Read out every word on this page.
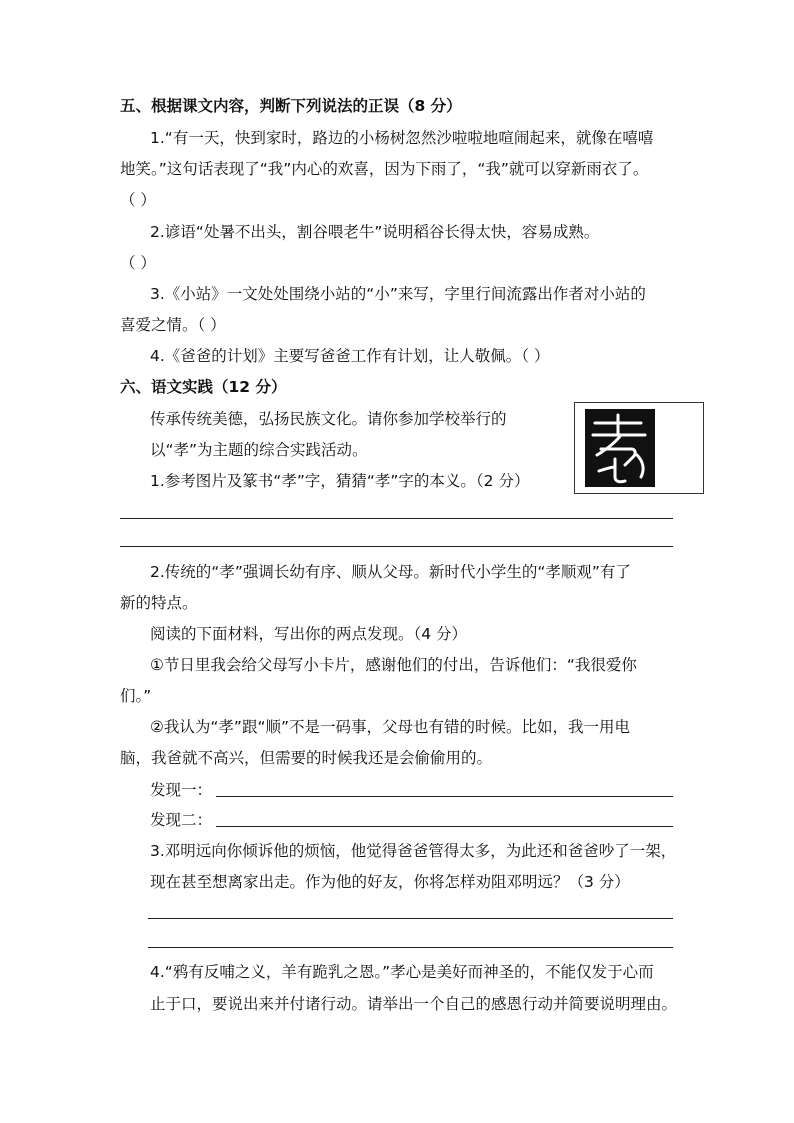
五、根据课文内容，判断下列说法的正误（8 分）
1.“有一天，快到家时，路边的小杨树忽然沙啦啦地喧闹起来，就像在嘻嘻
地笑。”这句话表现了“我”内心的欢喜，因为下雨了，“我”就可以穿新雨衣了。
（ ）
2.谚语“处暑不出头，割谷喂老牛”说明稻谷长得太快，容易成熟。
（ ）
3.《小站》一文处处围绕小站的“小”来写，字里行间流露出作者对小站的
喜爱之情。（ ）
4.《爸爸的计划》主要写爸爸工作有计划，让人敬佩。（ ）
六、语文实践（12 分）
传承传统美德，弘扬民族文化。请你参加学校举行的
以“孝”为主题的综合实践活动。
1.参考图片及篆书“孝”字，猜猜“孝”字的本义。（2 分）
2.传统的“孝”强调长幼有序、顺从父母。新时代小学生的“孝顺观”有了
新的特点。
阅读的下面材料，写出你的两点发现。（4 分）
①节日里我会给父母写小卡片，感谢他们的付出，告诉他们：“我很爱你
们。”
②我认为“孝”跟“顺”不是一码事，父母也有错的时候。比如，我一用电
脑，我爸就不高兴，但需要的时候我还是会偷偷用的。
发现一：
发现二：
3.邓明远向你倾诉他的烦恼，他觉得爸爸管得太多，为此还和爸爸吵了一架，
现在甚至想离家出走。作为他的好友，你将怎样劝阻邓明远？（3 分）
4.“鸦有反哺之义，羊有跪乳之恩。”孝心是美好而神圣的，不能仅发于心而
止于口，要说出来并付诸行动。请举出一个自己的感恩行动并简要说明理由。
